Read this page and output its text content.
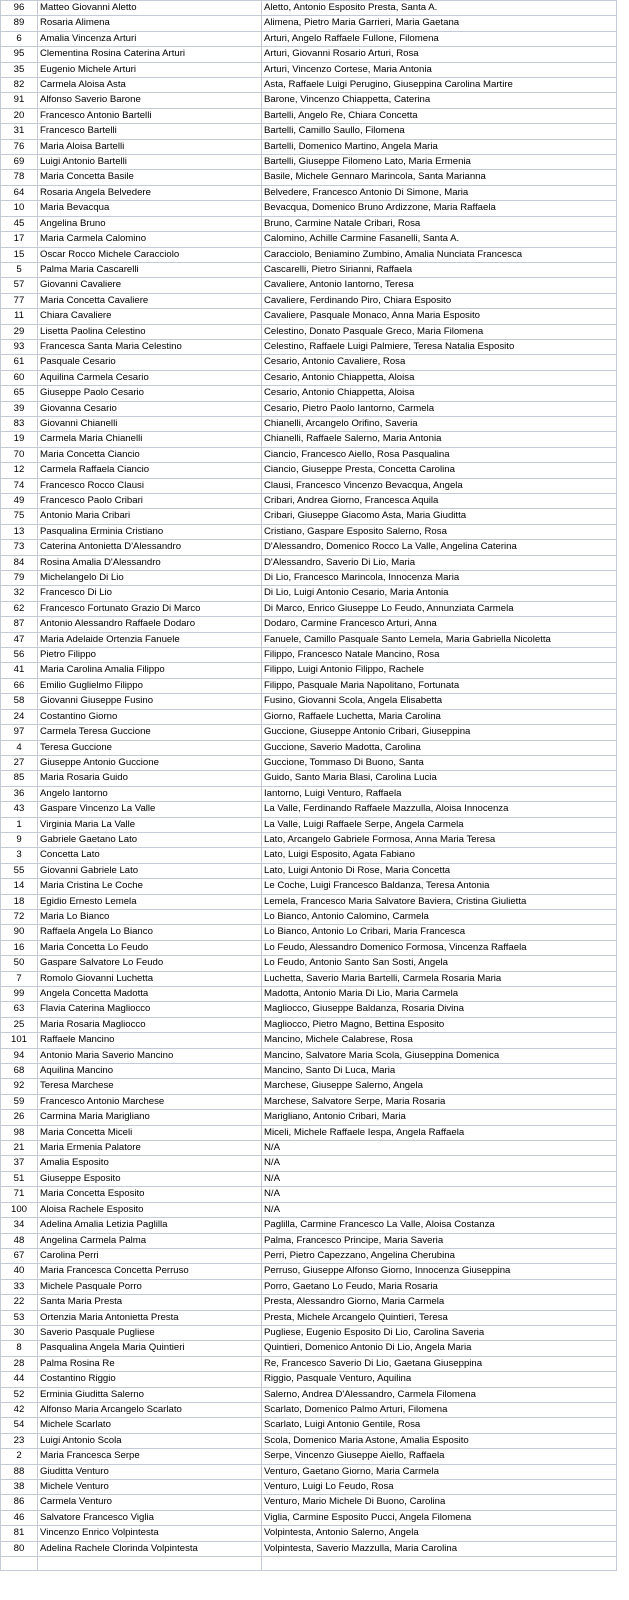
96	Matteo Giovanni Aletto	Aletto, Antonio Esposito Presta, Santa A.
89	Rosaria Alimena	Alimena, Pietro Maria Garrieri, Maria Gaetana
6	Amalia Vincenza Arturi	Arturi, Angelo Raffaele Fullone, Filomena
95	Clementina Rosina Caterina Arturi	Arturi, Giovanni Rosario Arturi, Rosa
35	Eugenio Michele Arturi	Arturi, Vincenzo Cortese, Maria Antonia
82	Carmela Aloisa Asta	Asta, Raffaele Luigi Perugino, Giuseppina Carolina Martire
91	Alfonso Saverio Barone	Barone, Vincenzo Chiappetta, Caterina
20	Francesco Antonio Bartelli	Bartelli, Angelo Re, Chiara Concetta
31	Francesco Bartelli	Bartelli, Camillo Saullo, Filomena
76	Maria Aloisa Bartelli	Bartelli, Domenico Martino, Angela Maria
69	Luigi Antonio Bartelli	Bartelli, Giuseppe Filomeno Lato, Maria Ermenia
78	Maria Concetta Basile	Basile, Michele Gennaro Marincola, Santa Marianna
64	Rosaria Angela Belvedere	Belvedere, Francesco Antonio Di Simone, Maria
10	Maria Bevacqua	Bevacqua, Domenico Bruno Ardizzone, Maria Raffaela
45	Angelina Bruno	Bruno, Carmine Natale Cribari, Rosa
17	Maria Carmela Calomino	Calomino, Achille Carmine Fasanelli, Santa A.
15	Oscar Rocco Michele Caracciolo	Caracciolo, Beniamino Zumbino, Amalia Nunciata Francesca
5	Palma Maria Cascarelli	Cascarelli, Pietro Sirianni, Raffaela
57	Giovanni Cavaliere	Cavaliere, Antonio Iantorno, Teresa
77	Maria Concetta Cavaliere	Cavaliere, Ferdinando Piro, Chiara Esposito
11	Chiara Cavaliere	Cavaliere, Pasquale Monaco, Anna Maria Esposito
29	Lisetta Paolina Celestino	Celestino, Donato Pasquale Greco, Maria Filomena
93	Francesca Santa Maria Celestino	Celestino, Raffaele Luigi Palmiere, Teresa Natalia Esposito
61	Pasquale Cesario	Cesario, Antonio Cavaliere, Rosa
60	Aquilina Carmela Cesario	Cesario, Antonio Chiappetta, Aloisa
65	Giuseppe Paolo Cesario	Cesario, Antonio Chiappetta, Aloisa
39	Giovanna Cesario	Cesario, Pietro Paolo Iantorno, Carmela
83	Giovanni Chianelli	Chianelli, Arcangelo Orifino, Saveria
19	Carmela Maria Chianelli	Chianelli, Raffaele Salerno, Maria Antonia
70	Maria Concetta Ciancio	Ciancio, Francesco Aiello, Rosa Pasqualina
12	Carmela Raffaela Ciancio	Ciancio, Giuseppe Presta, Concetta Carolina
74	Francesco Rocco Clausi	Clausi, Francesco Vincenzo Bevacqua, Angela
49	Francesco Paolo Cribari	Cribari, Andrea Giorno, Francesca Aquila
75	Antonio Maria Cribari	Cribari, Giuseppe Giacomo Asta, Maria Giuditta
13	Pasqualina Erminia Cristiano	Cristiano, Gaspare Esposito Salerno, Rosa
73	Caterina Antonietta D'Alessandro	D'Alessandro, Domenico Rocco La Valle, Angelina Caterina
84	Rosina Amalia D'Alessandro	D'Alessandro, Saverio Di Lio, Maria
79	Michelangelo Di Lio	Di Lio, Francesco Marincola, Innocenza Maria
32	Francesco Di Lio	Di Lio, Luigi Antonio Cesario, Maria Antonia
62	Francesco Fortunato Grazio Di Marco	Di Marco, Enrico Giuseppe Lo Feudo, Annunziata Carmela
87	Antonio Alessandro Raffaele Dodaro	Dodaro, Carmine Francesco Arturi, Anna
47	Maria Adelaide Ortenzia Fanuele	Fanuele, Camillo Pasquale Santo Lemela, Maria Gabriella Nicoletta
56	Pietro Filippo	Filippo, Francesco Natale Mancino, Rosa
41	Maria Carolina Amalia Filippo	Filippo, Luigi Antonio Filippo, Rachele
66	Emilio Guglielmo Filippo	Filippo, Pasquale Maria Napolitano, Fortunata
58	Giovanni Giuseppe Fusino	Fusino, Giovanni Scola, Angela Elisabetta
24	Costantino Giorno	Giorno, Raffaele Luchetta, Maria Carolina
97	Carmela Teresa Guccione	Guccione, Giuseppe Antonio Cribari, Giuseppina
4	Teresa Guccione	Guccione, Saverio Madotta, Carolina
27	Giuseppe Antonio Guccione	Guccione, Tommaso Di Buono, Santa
85	Maria Rosaria Guido	Guido, Santo Maria Blasi, Carolina Lucia
36	Angelo Iantorno	Iantorno, Luigi Venturo, Raffaela
43	Gaspare Vincenzo La Valle	La Valle, Ferdinando Raffaele Mazzulla, Aloisa Innocenza
1	Virginia Maria La Valle	La Valle, Luigi Raffaele Serpe, Angela Carmela
9	Gabriele Gaetano Lato	Lato, Arcangelo Gabriele Formosa, Anna Maria Teresa
3	Concetta Lato	Lato, Luigi Esposito, Agata Fabiano
55	Giovanni Gabriele Lato	Lato, Luigi Antonio Di Rose, Maria Concetta
14	Maria Cristina Le Coche	Le Coche, Luigi Francesco Baldanza, Teresa Antonia
18	Egidio Ernesto Lemela	Lemela, Francesco Maria Salvatore Baviera, Cristina Giulietta
72	Maria Lo Bianco	Lo Bianco, Antonio Calomino, Carmela
90	Raffaela Angela Lo Bianco	Lo Bianco, Antonio Lo Cribari, Maria Francesca
16	Maria Concetta Lo Feudo	Lo Feudo, Alessandro Domenico Formosa, Vincenza Raffaela
50	Gaspare Salvatore Lo Feudo	Lo Feudo, Antonio Santo San Sosti, Angela
7	Romolo Giovanni Luchetta	Luchetta, Saverio Maria Bartelli, Carmela Rosaria Maria
99	Angela Concetta Madotta	Madotta, Antonio Maria Di Lio, Maria Carmela
63	Flavia Caterina Magliocco	Magliocco, Giuseppe Baldanza, Rosaria Divina
25	Maria Rosaria Magliocco	Magliocco, Pietro Magno, Bettina Esposito
101	Raffaele Mancino	Mancino, Michele Calabrese, Rosa
94	Antonio Maria Saverio Mancino	Mancino, Salvatore Maria Scola, Giuseppina Domenica
68	Aquilina Mancino	Mancino, Santo Di Luca, Maria
92	Teresa Marchese	Marchese, Giuseppe Salerno, Angela
59	Francesco Antonio Marchese	Marchese, Salvatore Serpe, Maria Rosaria
26	Carmina Maria Marigliano	Marigliano, Antonio Cribari, Maria
98	Maria Concetta Miceli	Miceli, Michele Raffaele Iespa, Angela Raffaela
21	Maria Ermenia Palatore	N/A
37	Amalia Esposito	N/A
51	Giuseppe Esposito	N/A
71	Maria Concetta Esposito	N/A
100	Aloisa Rachele Esposito	N/A
34	Adelina Amalia Letizia Paglilla	Paglilla, Carmine Francesco La Valle, Aloisa Costanza
48	Angelina Carmela Palma	Palma, Francesco Principe, Maria Saveria
67	Carolina Perri	Perri, Pietro Capezzano, Angelina Cherubina
40	Maria Francesca Concetta Perruso	Perruso, Giuseppe Alfonso Giorno, Innocenza Giuseppina
33	Michele Pasquale Porro	Porro, Gaetano Lo Feudo, Maria Rosaria
22	Santa Maria Presta	Presta, Alessandro Giorno, Maria Carmela
53	Ortenzia Maria Antonietta Presta	Presta, Michele Arcangelo Quintieri, Teresa
30	Saverio Pasquale Pugliese	Pugliese, Eugenio Esposito Di Lio, Carolina Saveria
8	Pasqualina Angela Maria Quintieri	Quintieri, Domenico Antonio Di Lio, Angela Maria
28	Palma Rosina Re	Re, Francesco Saverio Di Lio, Gaetana Giuseppina
44	Costantino Riggio	Riggio, Pasquale Venturo, Aquilina
52	Erminia Giuditta Salerno	Salerno, Andrea D'Alessandro, Carmela Filomena
42	Alfonso Maria Arcangelo Scarlato	Scarlato, Domenico Palmo Arturi, Filomena
54	Michele Scarlato	Scarlato, Luigi Antonio Gentile, Rosa
23	Luigi Antonio Scola	Scola, Domenico Maria Astone, Amalia Esposito
2	Maria Francesca Serpe	Serpe, Vincenzo Giuseppe Aiello, Raffaela
88	Giuditta Venturo	Venturo, Gaetano Giorno, Maria Carmela
38	Michele Venturo	Venturo, Luigi Lo Feudo, Rosa
86	Carmela Venturo	Venturo, Mario Michele Di Buono, Carolina
46	Salvatore Francesco Viglia	Viglia, Carmine Esposito Pucci, Angela Filomena
81	Vincenzo Enrico Volpintesta	Volpintesta, Antonio Salerno, Angela
80	Adelina Rachele Clorinda Volpintesta	Volpintesta, Saverio Mazzulla, Maria Carolina
